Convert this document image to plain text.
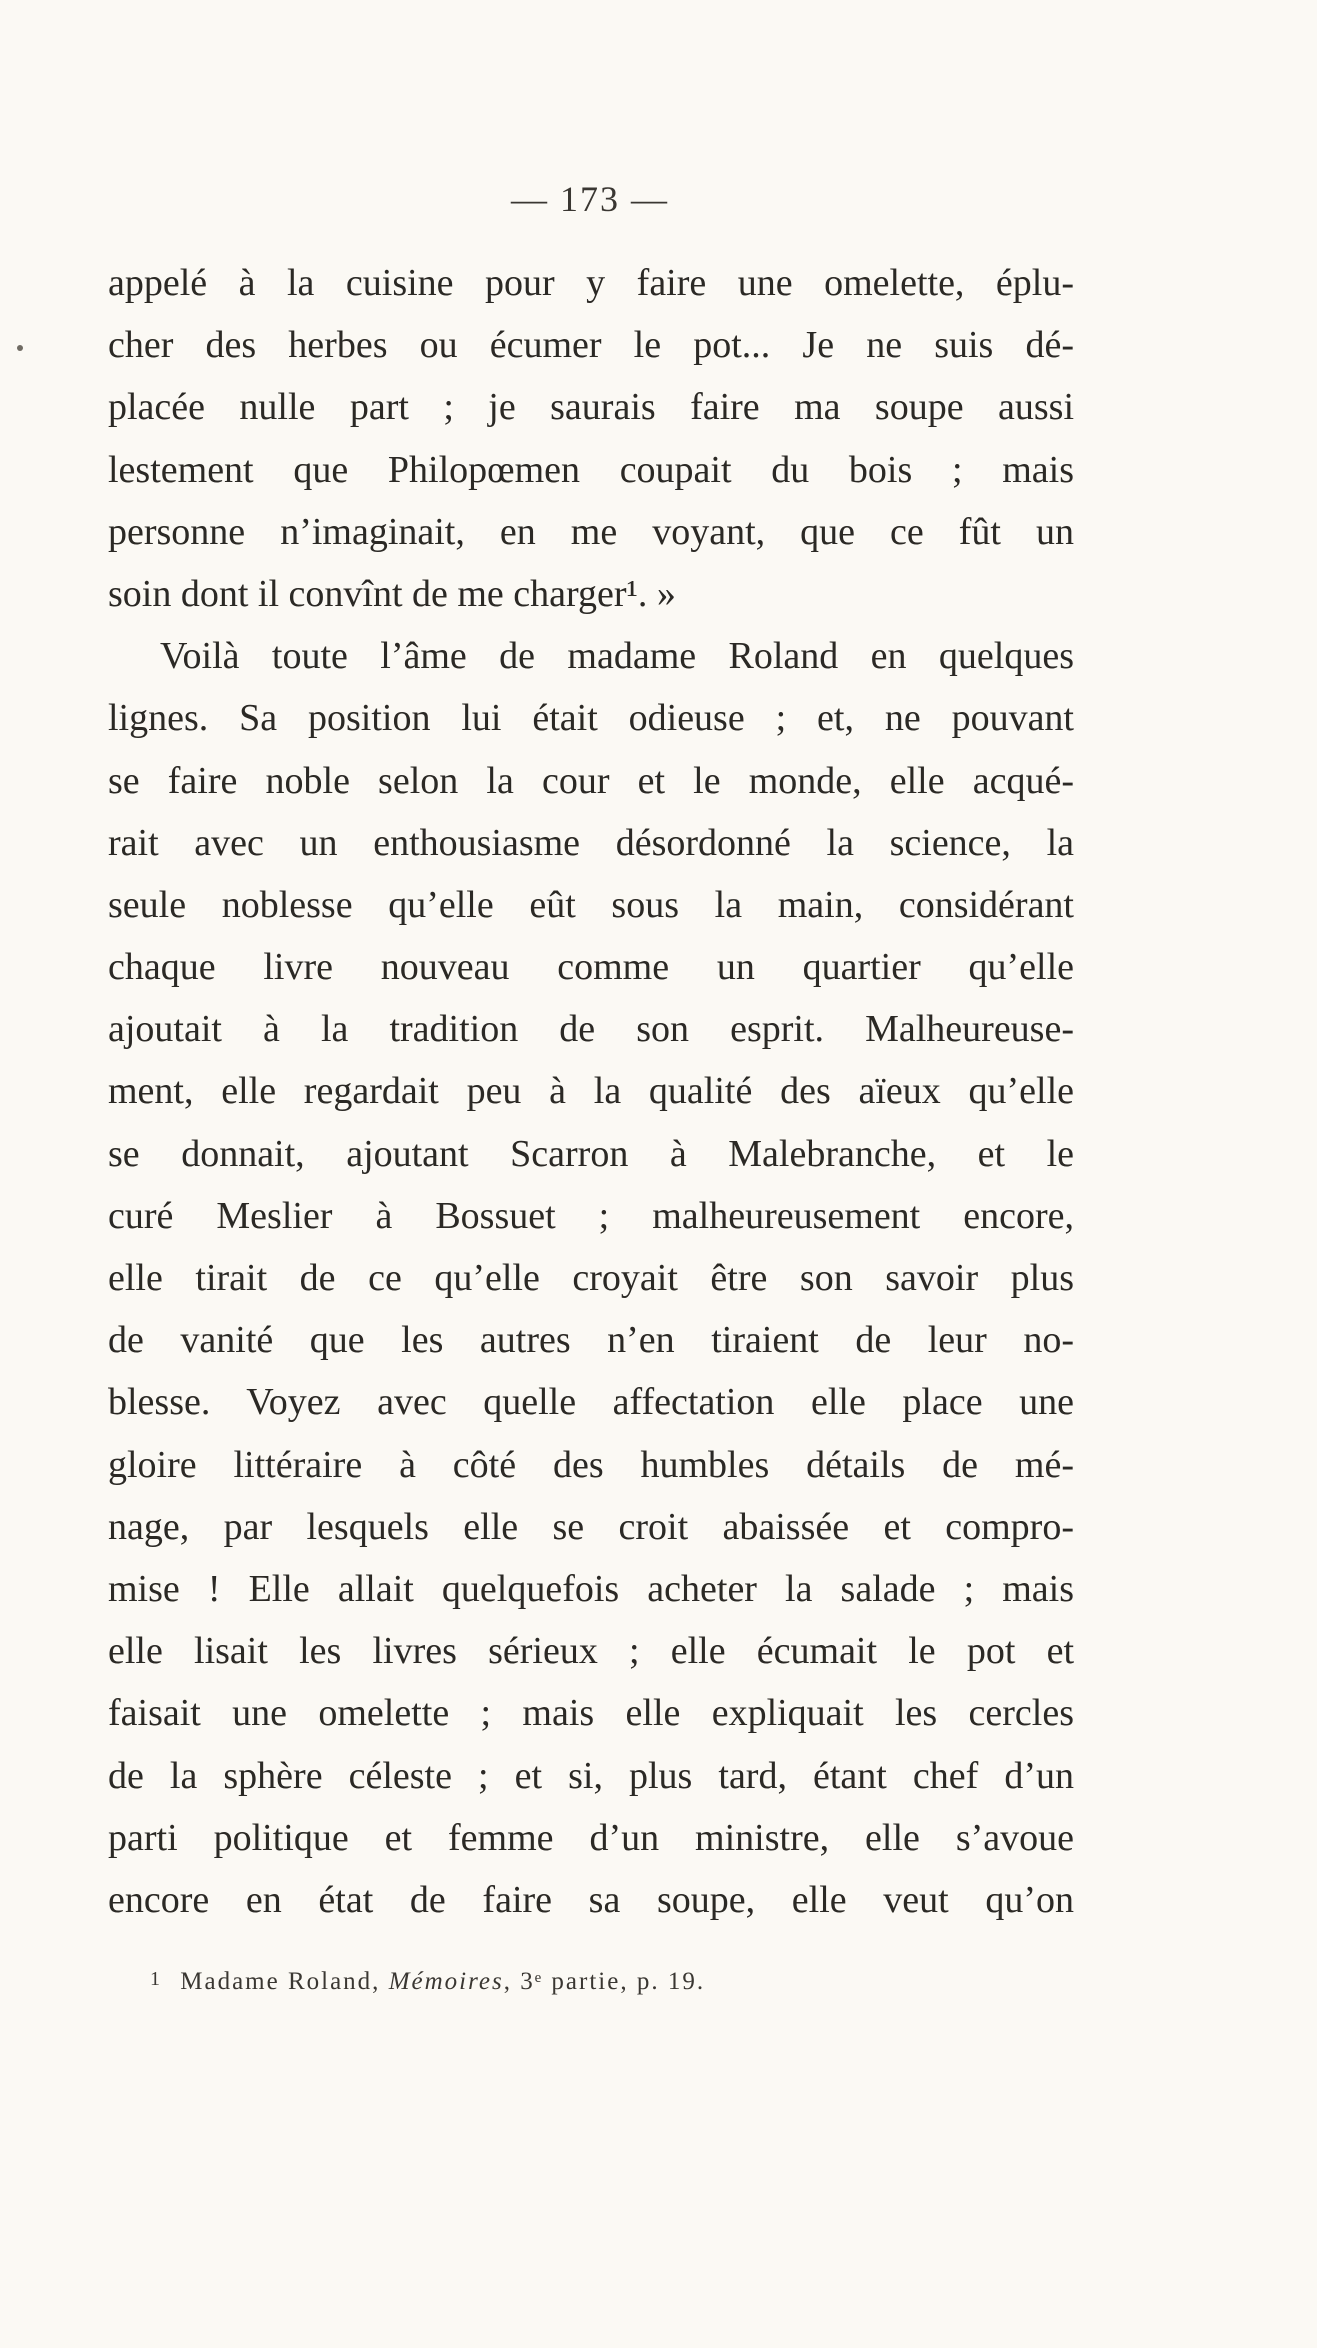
— 173 —
appelé à la cuisine pour y faire une omelette, éplu-
cher des herbes ou écumer le pot... Je ne suis dé-
placée nulle part ; je saurais faire ma soupe aussi
lestement que Philopœmen coupait du bois ; mais
personne n’imaginait, en me voyant, que ce fût un
soin dont il convînt de me charger¹. »
Voilà toute l’âme de madame Roland en quelques
lignes. Sa position lui était odieuse ; et, ne pouvant
se faire noble selon la cour et le monde, elle acqué-
rait avec un enthousiasme désordonné la science, la
seule noblesse qu’elle eût sous la main, considérant
chaque livre nouveau comme un quartier qu’elle
ajoutait à la tradition de son esprit. Malheureuse-
ment, elle regardait peu à la qualité des aïeux qu’elle
se donnait, ajoutant Scarron à Malebranche, et le
curé Meslier à Bossuet ; malheureusement encore,
elle tirait de ce qu’elle croyait être son savoir plus
de vanité que les autres n’en tiraient de leur no-
blesse. Voyez avec quelle affectation elle place une
gloire littéraire à côté des humbles détails de mé-
nage, par lesquels elle se croit abaissée et compro-
mise ! Elle allait quelquefois acheter la salade ; mais
elle lisait les livres sérieux ; elle écumait le pot et
faisait une omelette ; mais elle expliquait les cercles
de la sphère céleste ; et si, plus tard, étant chef d’un
parti politique et femme d’un ministre, elle s’avoue
encore en état de faire sa soupe, elle veut qu’on
1 Madame Roland, Mémoires, 3ᵉ partie, p. 19.
